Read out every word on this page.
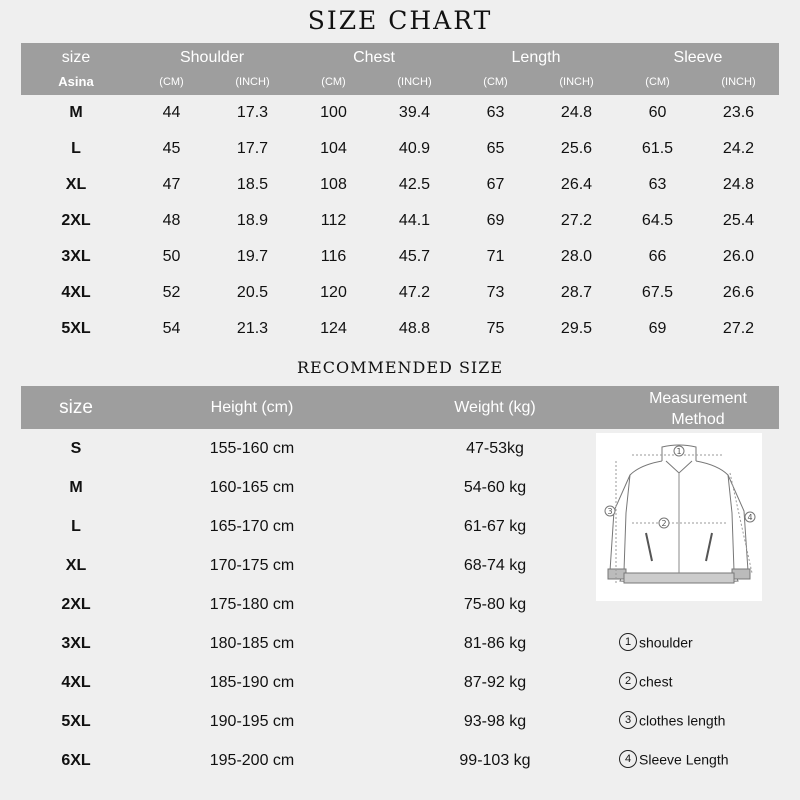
SIZE CHART
size
Asina
Shoulder	Chest	Length	Sleeve
(CM)	(INCH)	(CM)	(INCH)	(CM)	(INCH)	(CM)	(INCH)
M	44	17.3	100	39.4	63	24.8	60	23.6
L	45	17.7	104	40.9	65	25.6	61.5	24.2
XL	47	18.5	108	42.5	67	26.4	63	24.8
2XL	48	18.9	112	44.1	69	27.2	64.5	25.4
3XL	50	19.7	116	45.7	71	28.0	66	26.0
4XL	52	20.5	120	47.2	73	28.7	67.5	26.6
5XL	54	21.3	124	48.8	75	29.5	69	27.2
RECOMMENDED SIZE
size	Height (cm)	Weight (kg)
Measurement
Method
S	155-160 cm	47-53kg
M	160-165 cm	54-60 kg
L	165-170 cm	61-67 kg
XL	170-175 cm	68-74 kg
2XL	175-180 cm	75-80 kg
3XL	180-185 cm	81-86 kg
4XL	185-190 cm	87-92 kg
5XL	190-195 cm	93-98 kg
6XL	195-200 cm	99-103 kg
1
2
3
4
1 shoulder
2 chest
3 clothes length
4 Sleeve Length
